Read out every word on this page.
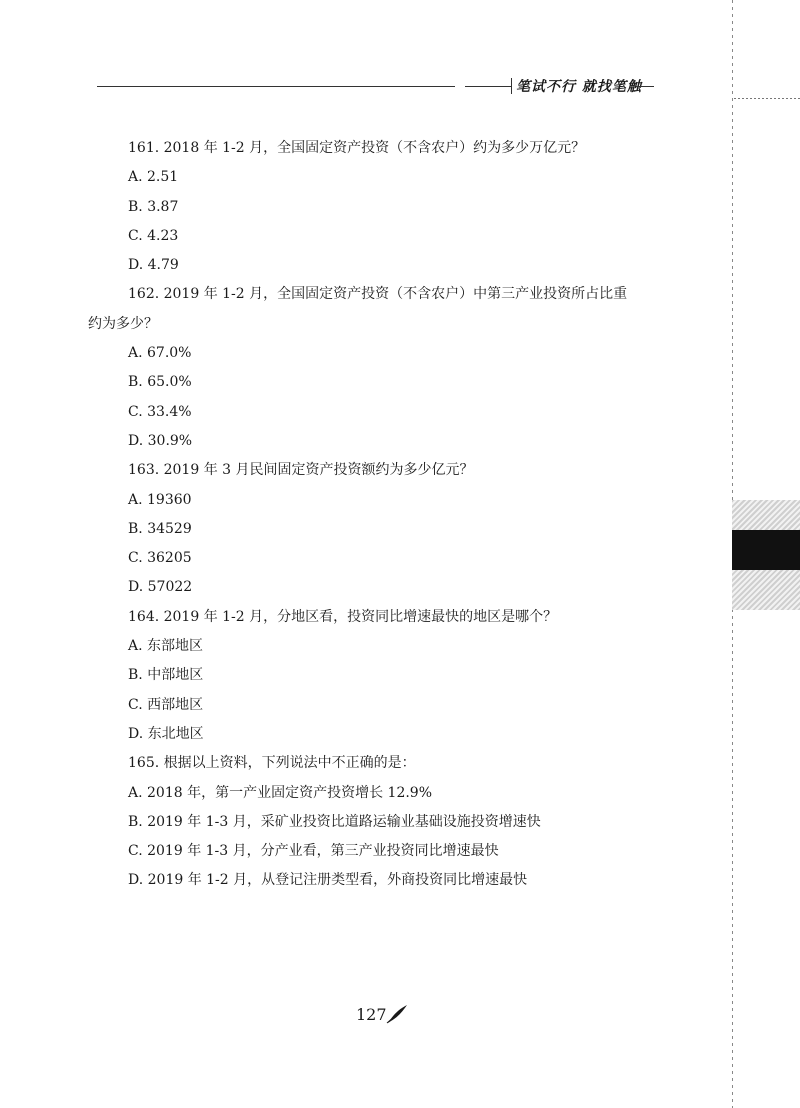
笔试不行 就找笔触
161. 2018 年 1-2 月，全国固定资产投资（不含农户）约为多少万亿元？
A. 2.51
B. 3.87
C. 4.23
D. 4.79
162. 2019 年 1-2 月，全国固定资产投资（不含农户）中第三产业投资所占比重
约为多少？
A. 67.0%
B. 65.0%
C. 33.4%
D. 30.9%
163. 2019 年 3 月民间固定资产投资额约为多少亿元？
A. 19360
B. 34529
C. 36205
D. 57022
164. 2019 年 1-2 月，分地区看，投资同比增速最快的地区是哪个？
A. 东部地区
B. 中部地区
C. 西部地区
D. 东北地区
165. 根据以上资料，下列说法中不正确的是：
A. 2018 年，第一产业固定资产投资增长 12.9%
B. 2019 年 1-3 月，采矿业投资比道路运输业基础设施投资增速快
C. 2019 年 1-3 月，分产业看，第三产业投资同比增速最快
D. 2019 年 1-2 月，从登记注册类型看，外商投资同比增速最快
127
